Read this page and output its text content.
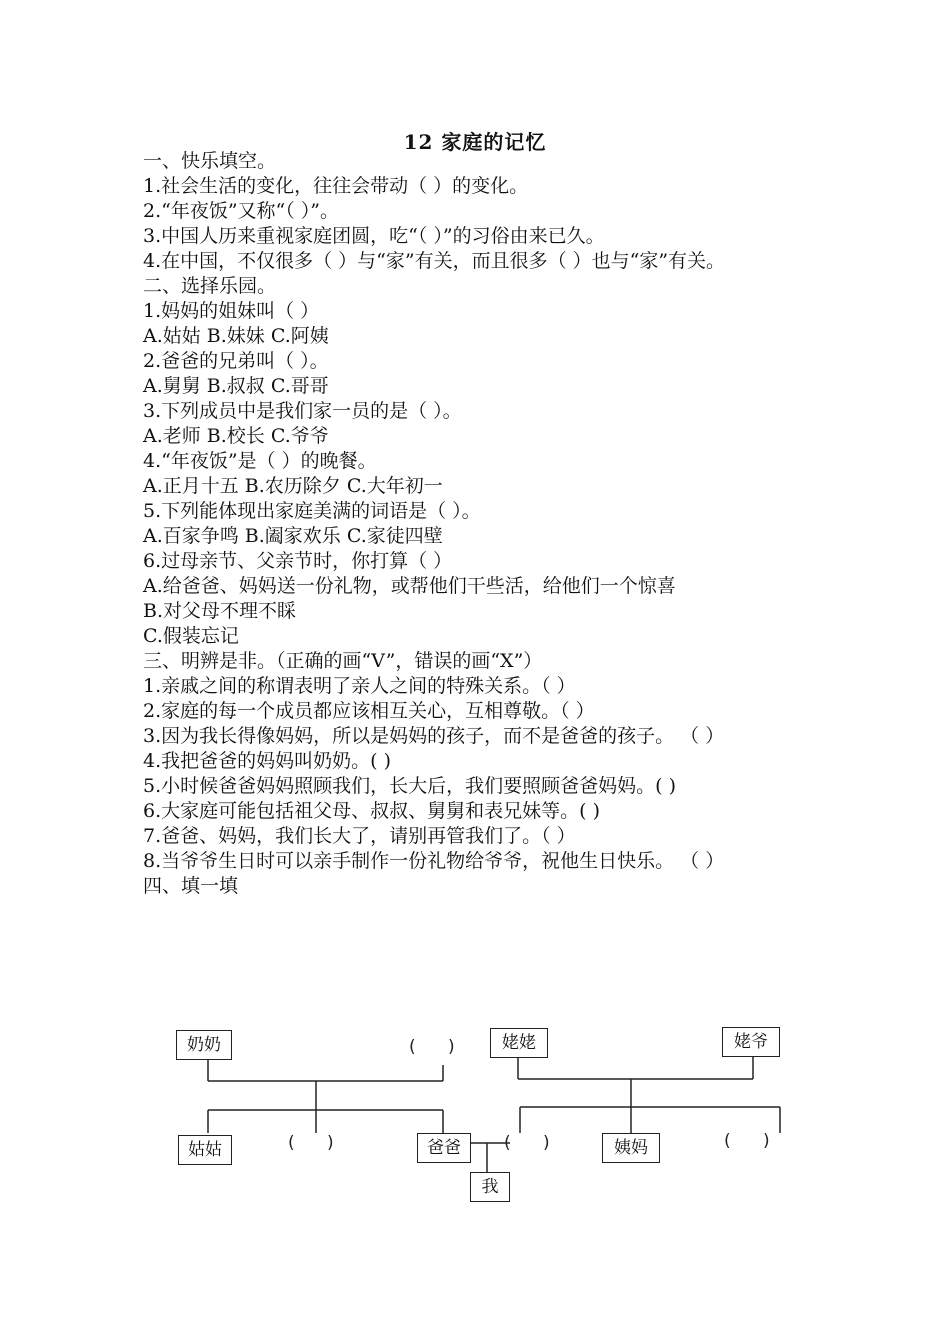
12 家庭的记忆
一、快乐填空。
1.社会生活的变化，往往会带动（ ）的变化。
2.“年夜饭”又称“（ ）”。
3.中国人历来重视家庭团圆，吃“（ ）”的习俗由来已久。
4.在中国，不仅很多（ ）与“家”有关，而且很多（ ）也与“家”有关。
二、选择乐园。
1.妈妈的姐妹叫（ ）
A.姑姑 B.妹妹 C.阿姨
2.爸爸的兄弟叫（ ）。
A.舅舅 B.叔叔 C.哥哥
3.下列成员中是我们家一员的是（ ）。
A.老师 B.校长 C.爷爷
4.“年夜饭”是（ ）的晚餐。
A.正月十五 B.农历除夕 C.大年初一
5.下列能体现出家庭美满的词语是（ ）。
A.百家争鸣 B.阖家欢乐 C.家徒四壁
6.过母亲节、父亲节时，你打算（ ）
A.给爸爸、妈妈送一份礼物，或帮他们干些活，给他们一个惊喜
B.对父母不理不睬
C.假装忘记
三、明辨是非。（正确的画“V”，错误的画“X”）
1.亲戚之间的称谓表明了亲人之间的特殊关系。（ ）
2.家庭的每一个成员都应该相互关心，互相尊敬。（ ）
3.因为我长得像妈妈，所以是妈妈的孩子，而不是爸爸的孩子。 （ ）
4.我把爸爸的妈妈叫奶奶。( )
5.小时候爸爸妈妈照顾我们，长大后，我们要照顾爸爸妈妈。( )
6.大家庭可能包括祖父母、叔叔、舅舅和表兄妹等。( )
7.爸爸、妈妈，我们长大了，请别再管我们了。（ ）
8.当爷爷生日时可以亲手制作一份礼物给爷爷，祝他生日快乐。 （ ）
四、填一填
奶奶	(      )	姥姥	姥爷
姑姑	(      )	爸爸	(      )	姨妈	(      )
我
